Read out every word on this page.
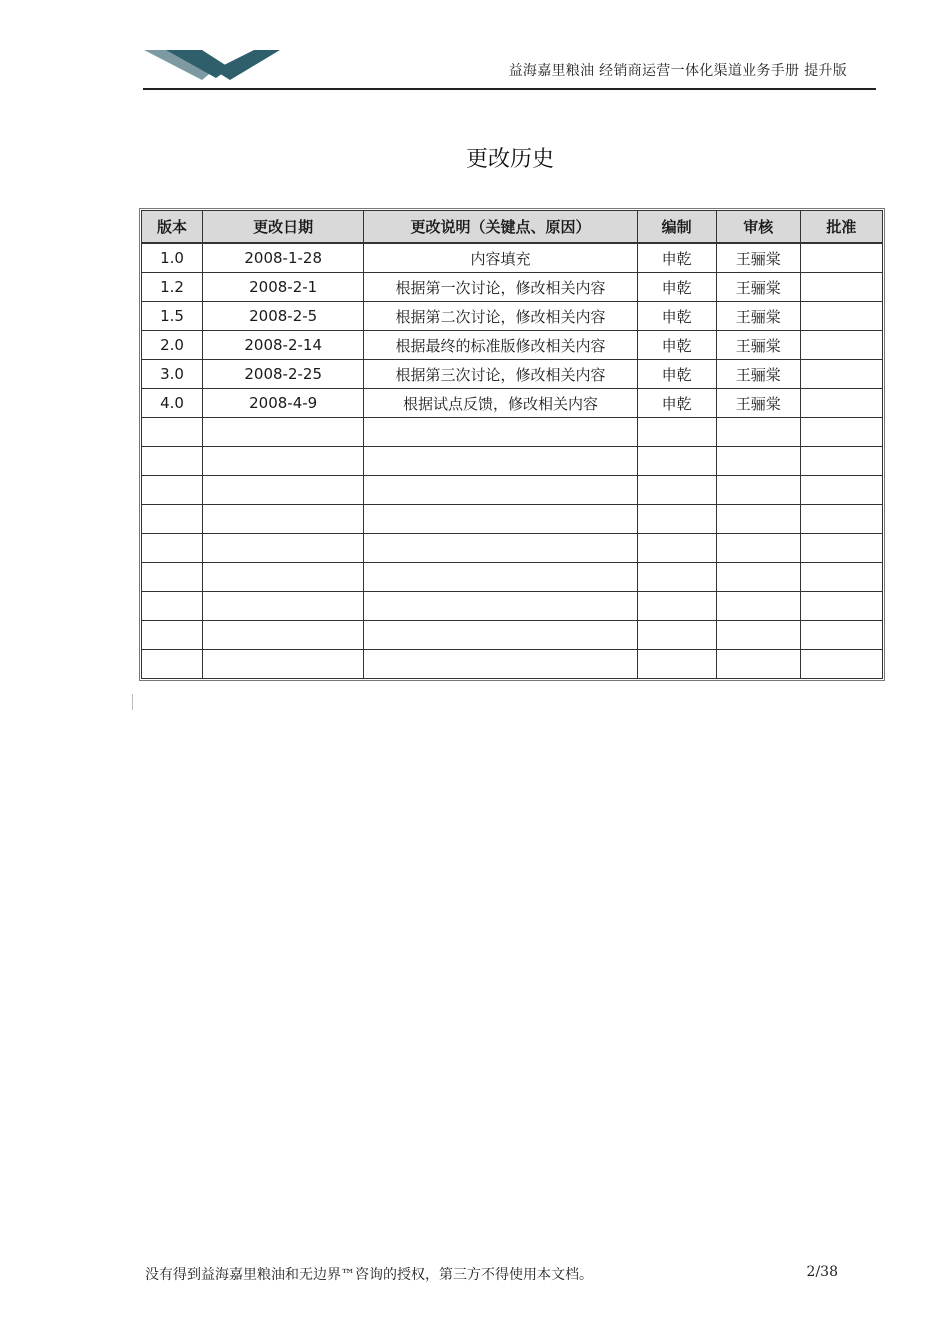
益海嘉里粮油 经销商运营一体化渠道业务手册 提升版
更改历史
版本	更改日期	更改说明（关键点、原因）	编制	审核	批准
1.0	2008-1-28	内容填充	申乾	王骊棠	
1.2	2008-2-1	根据第一次讨论，修改相关内容	申乾	王骊棠	
1.5	2008-2-5	根据第二次讨论，修改相关内容	申乾	王骊棠	
2.0	2008-2-14	根据最终的标准版修改相关内容	申乾	王骊棠	
3.0	2008-2-25	根据第三次讨论，修改相关内容	申乾	王骊棠	
4.0	2008-4-9	根据试点反馈，修改相关内容	申乾	王骊棠	

没有得到益海嘉里粮油和无边界™咨询的授权，第三方不得使用本文档。	2/38
